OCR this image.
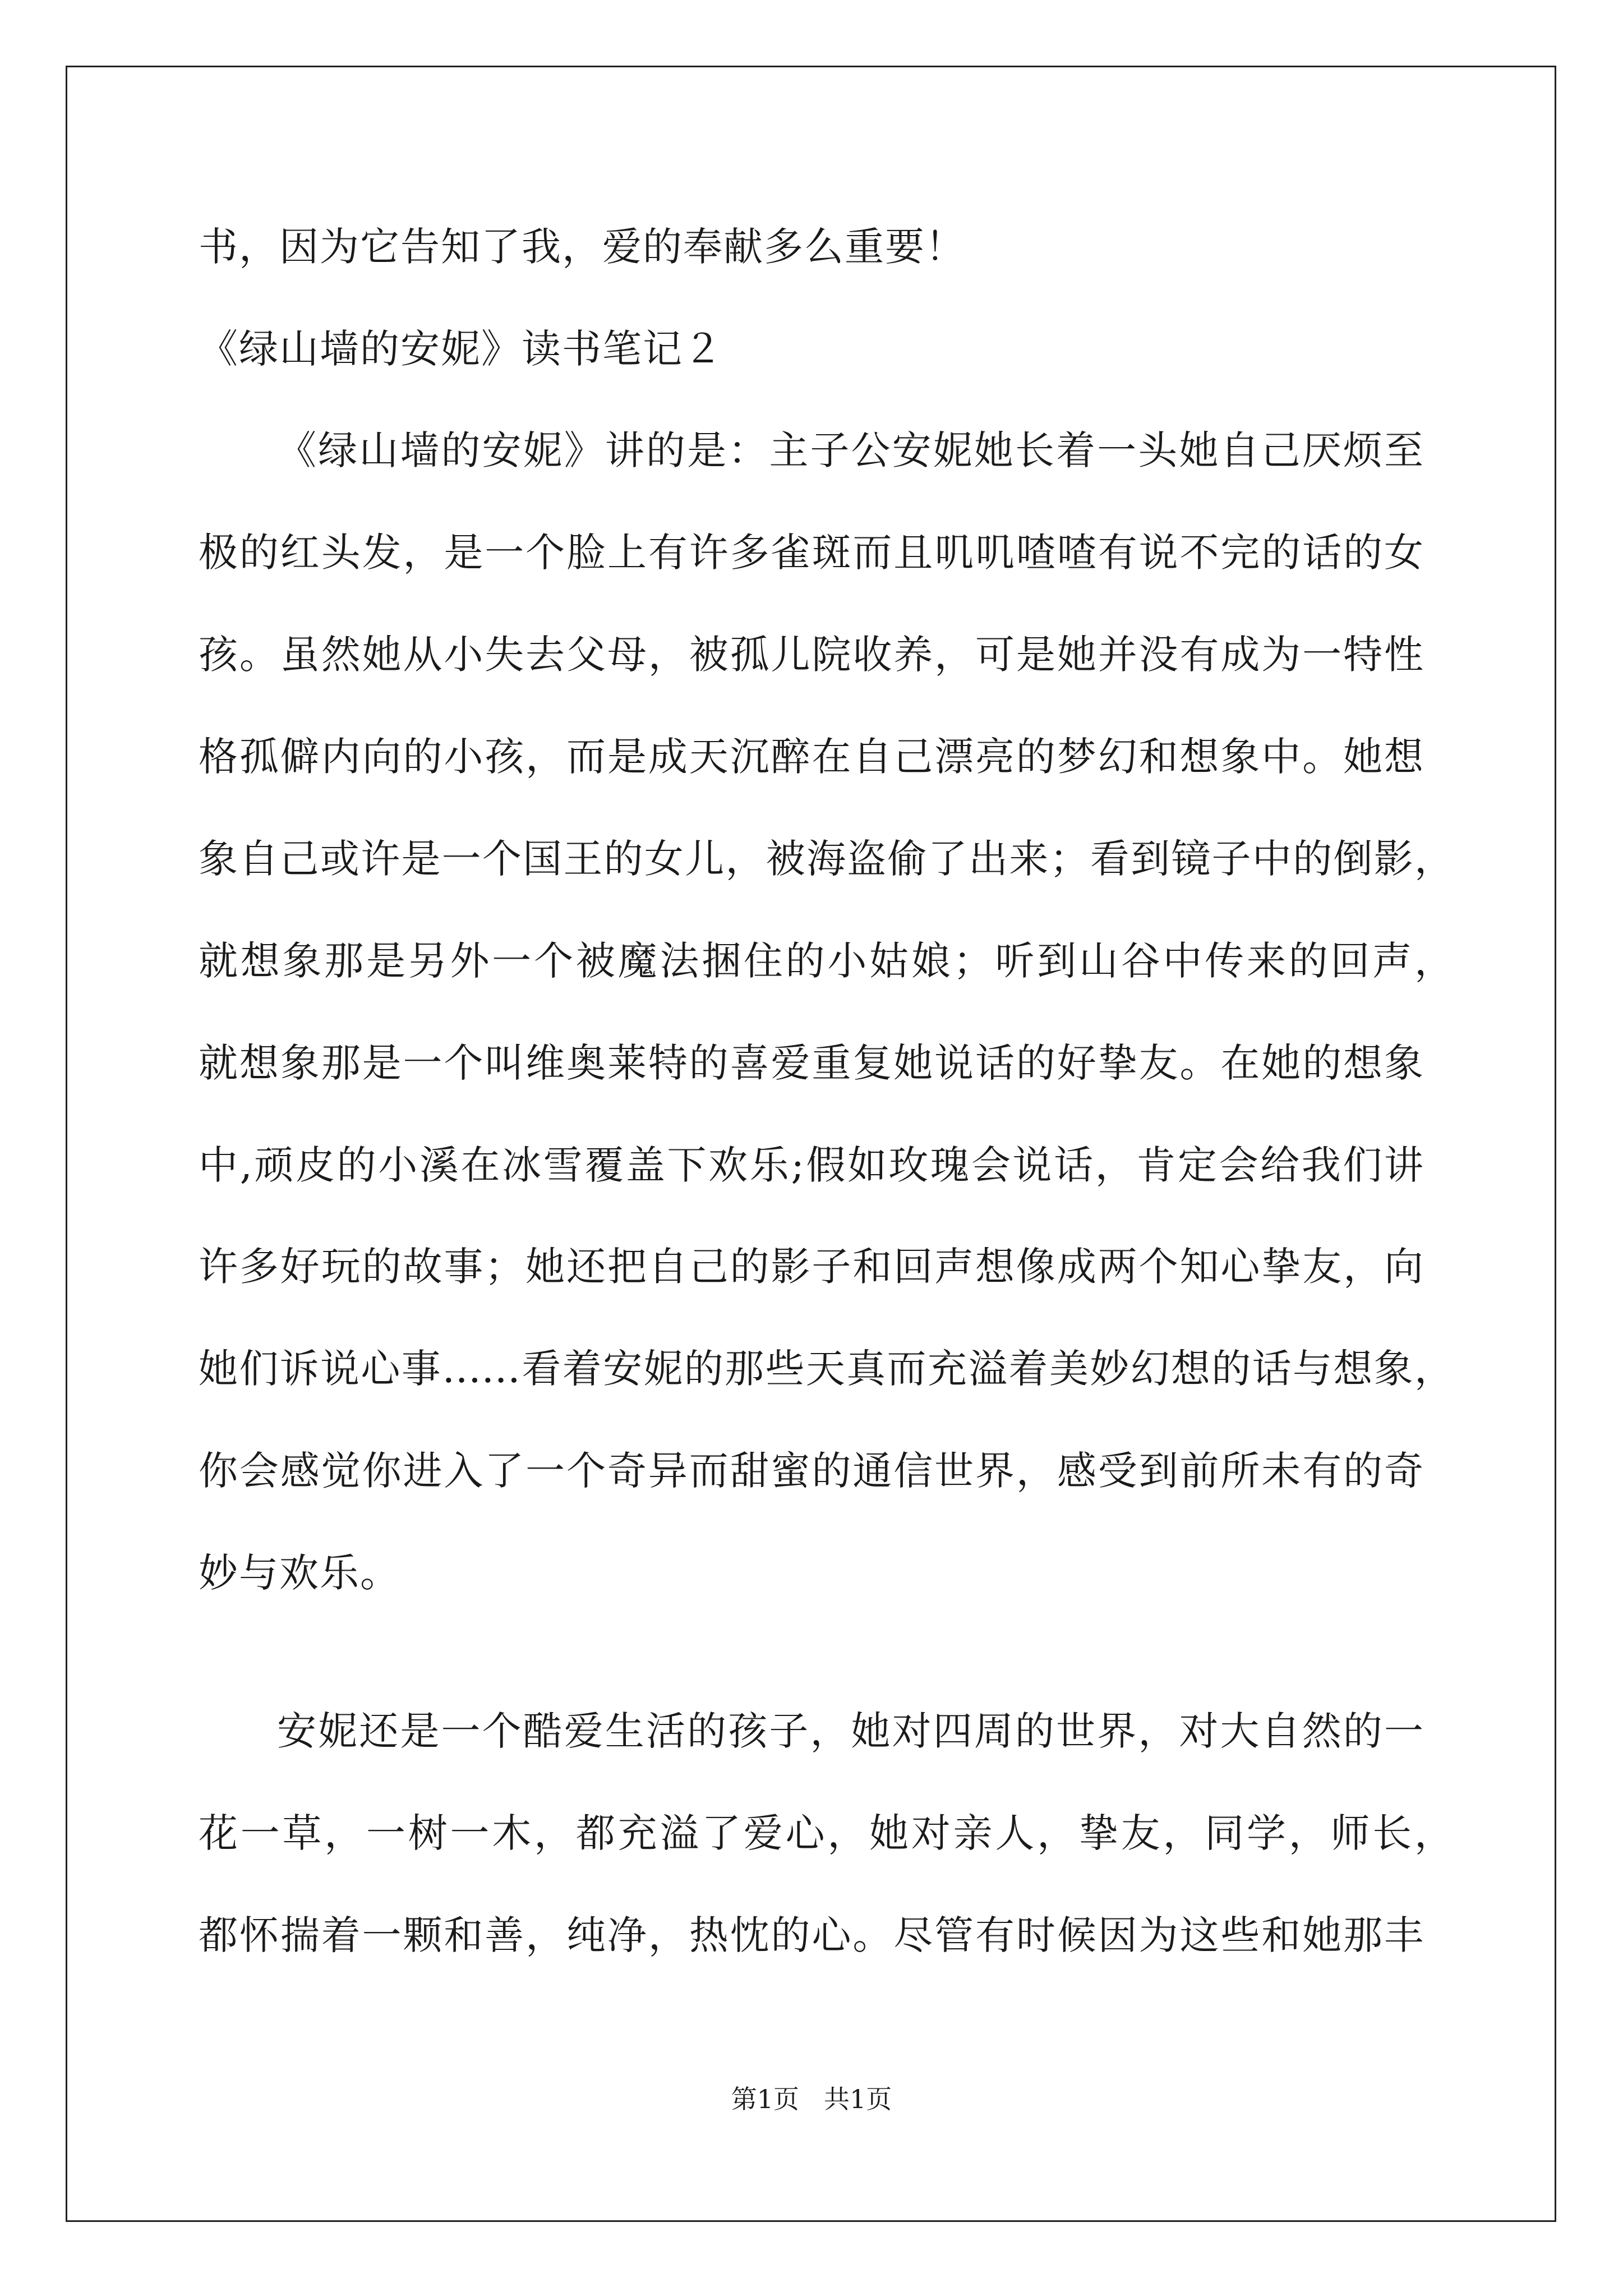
书，因为它告知了我，爱的奉献多么重要！
《绿山墙的安妮》读书笔记２
《绿山墙的安妮》讲的是：主子公安妮她长着一头她自己厌烦至
极的红头发，是一个脸上有许多雀斑而且叽叽喳喳有说不完的话的女
孩。虽然她从小失去父母，被孤儿院收养，可是她并没有成为一特性
格孤僻内向的小孩，而是成天沉醉在自己漂亮的梦幻和想象中。她想
象自己或许是一个国王的女儿，被海盗偷了出来；看到镜子中的倒影，
就想象那是另外一个被魔法捆住的小姑娘；听到山谷中传来的回声，
就想象那是一个叫维奥莱特的喜爱重复她说话的好挚友。在她的想象
中,顽皮的小溪在冰雪覆盖下欢乐;假如玫瑰会说话，肯定会给我们讲
许多好玩的故事；她还把自己的影子和回声想像成两个知心挚友，向
她们诉说心事……看着安妮的那些天真而充溢着美妙幻想的话与想象，
你会感觉你进入了一个奇异而甜蜜的通信世界，感受到前所未有的奇
妙与欢乐。
安妮还是一个酷爱生活的孩子，她对四周的世界，对大自然的一
花一草，一树一木，都充溢了爱心，她对亲人，挚友，同学，师长，
都怀揣着一颗和善，纯净，热忱的心。尽管有时候因为这些和她那丰
第1页 共1页
